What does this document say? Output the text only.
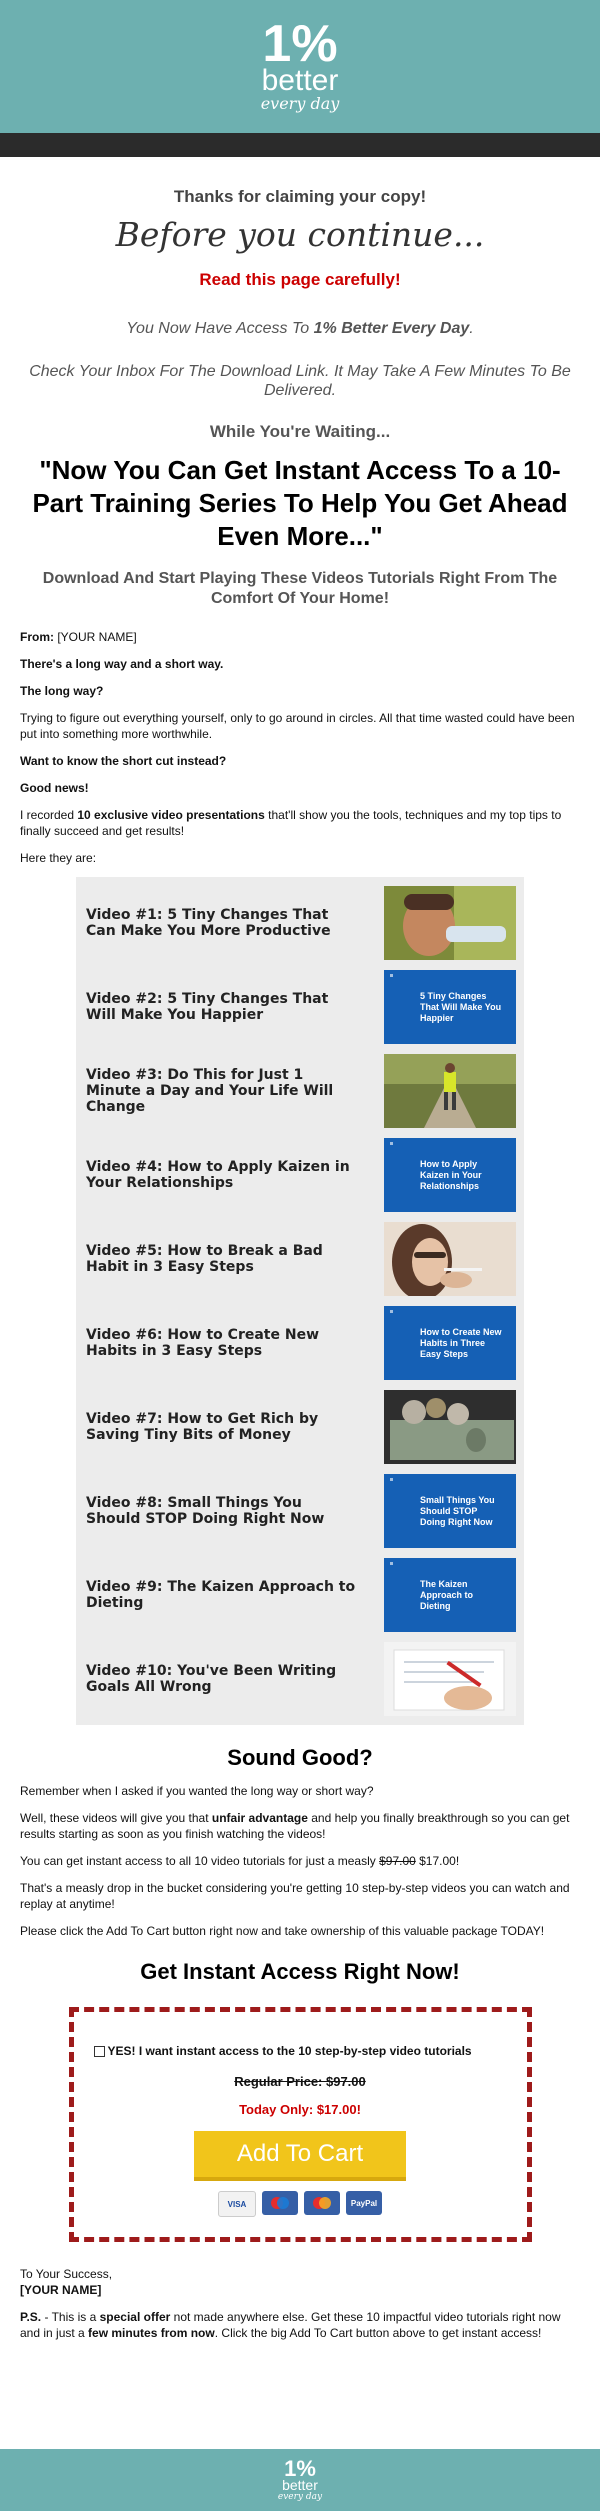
1%
better
every day

Thanks for claiming your copy!

Before you continue...

Read this page carefully!

You Now Have Access To 1% Better Every Day.

Check Your Inbox For The Download Link. It May Take A Few Minutes To Be Delivered.

While You're Waiting...

"Now You Can Get Instant Access To a 10-Part Training Series To Help You Get Ahead Even More..."

Download And Start Playing These Videos Tutorials Right From The Comfort Of Your Home!

From: [YOUR NAME]

There's a long way and a short way.

The long way?

Trying to figure out everything yourself, only to go around in circles. All that time wasted could have been put into something more worthwhile.

Want to know the short cut instead?

Good news!

I recorded 10 exclusive video presentations that'll show you the tools, techniques and my top tips to finally succeed and get results!

Here they are:

Video #1: 5 Tiny Changes That Can Make You More Productive
Video #2: 5 Tiny Changes That Will Make You Happier
5 Tiny Changes That Will Make You Happier
Video #3: Do This for Just 1 Minute a Day and Your Life Will Change
Video #4: How to Apply Kaizen in Your Relationships
How to Apply Kaizen in Your Relationships
Video #5: How to Break a Bad Habit in 3 Easy Steps
Video #6: How to Create New Habits in 3 Easy Steps
How to Create New Habits in Three Easy Steps
Video #7: How to Get Rich by Saving Tiny Bits of Money
Video #8: Small Things You Should STOP Doing Right Now
Small Things You Should STOP Doing Right Now
Video #9: The Kaizen Approach to Dieting
The Kaizen Approach to Dieting
Video #10: You've Been Writing Goals All Wrong

Sound Good?

Remember when I asked if you wanted the long way or short way?

Well, these videos will give you that unfair advantage and help you finally breakthrough so you can get results starting as soon as you finish watching the videos!

You can get instant access to all 10 video tutorials for just a measly $97.00 $17.00!

That's a measly drop in the bucket considering you're getting 10 step-by-step videos you can watch and replay at anytime!

Please click the Add To Cart button right now and take ownership of this valuable package TODAY!

Get Instant Access Right Now!

YES! I want instant access to the 10 step-by-step video tutorials

Regular Price: $97.00

Today Only: $17.00!

Add To Cart
VISA	PayPal

To Your Success,

[YOUR NAME]

P.S. - This is a special offer not made anywhere else. Get these 10 impactful video tutorials right now and in just a few minutes from now. Click the big Add To Cart button above to get instant access!

1%
better
every day
